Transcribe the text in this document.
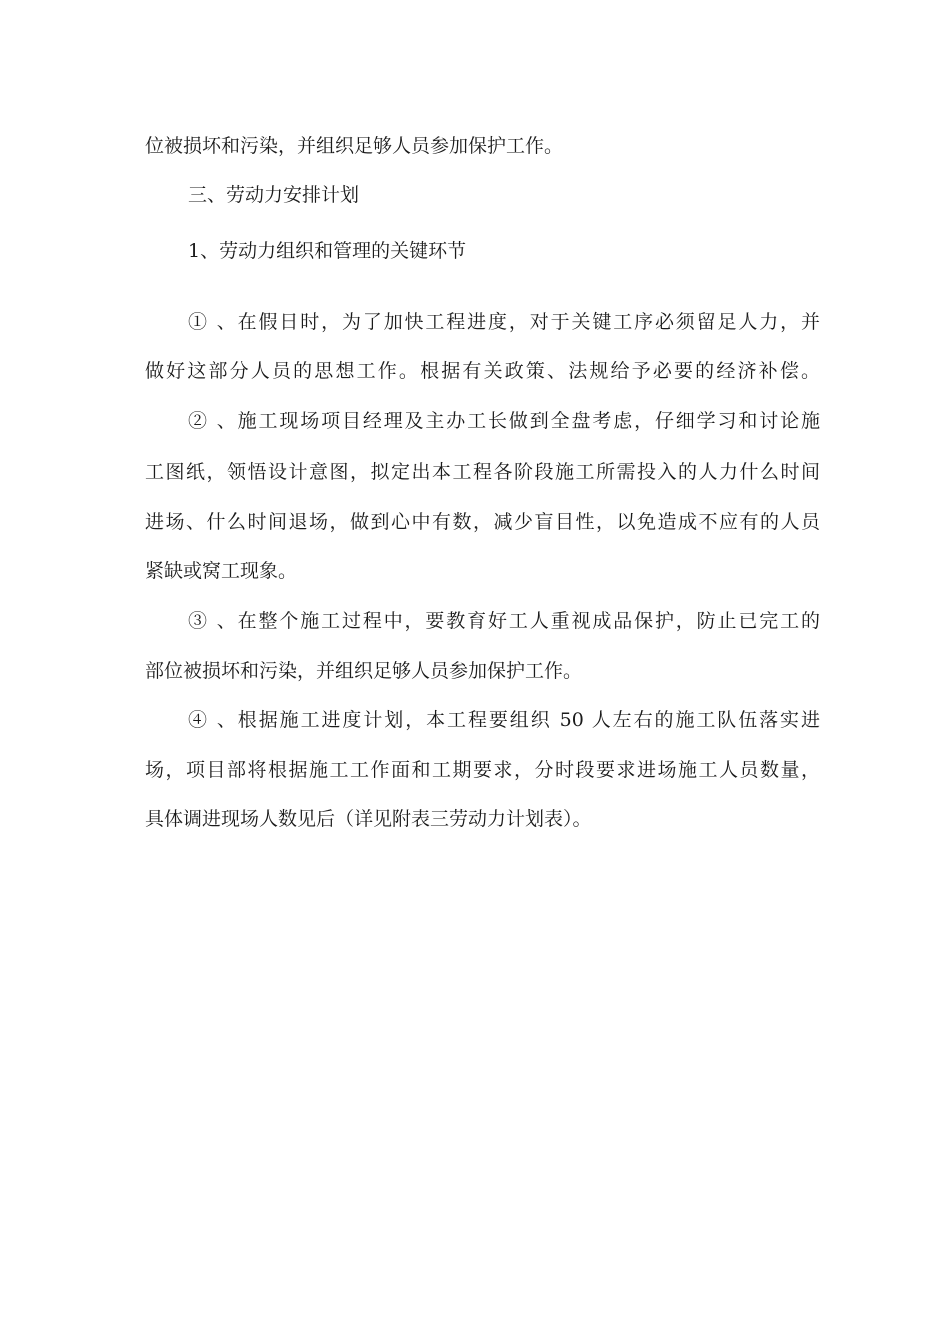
位被损坏和污染，并组织足够人员参加保护工作。
三、劳动力安排计划
1、劳动力组织和管理的关键环节
① 、在假日时，为了加快工程进度，对于关键工序必须留足人力，并
做好这部分人员的思想工作。根据有关政策、法规给予必要的经济补偿。
② 、施工现场项目经理及主办工长做到全盘考虑，仔细学习和讨论施
工图纸，领悟设计意图，拟定出本工程各阶段施工所需投入的人力什么时间
进场、什么时间退场，做到心中有数，减少盲目性，以免造成不应有的人员
紧缺或窝工现象。
③ 、在整个施工过程中，要教育好工人重视成品保护，防止已完工的
部位被损坏和污染，并组织足够人员参加保护工作。
④ 、根据施工进度计划，本工程要组织 50 人左右的施工队伍落实进
场，项目部将根据施工工作面和工期要求，分时段要求进场施工人员数量，
具体调进现场人数见后（详见附表三劳动力计划表）。
